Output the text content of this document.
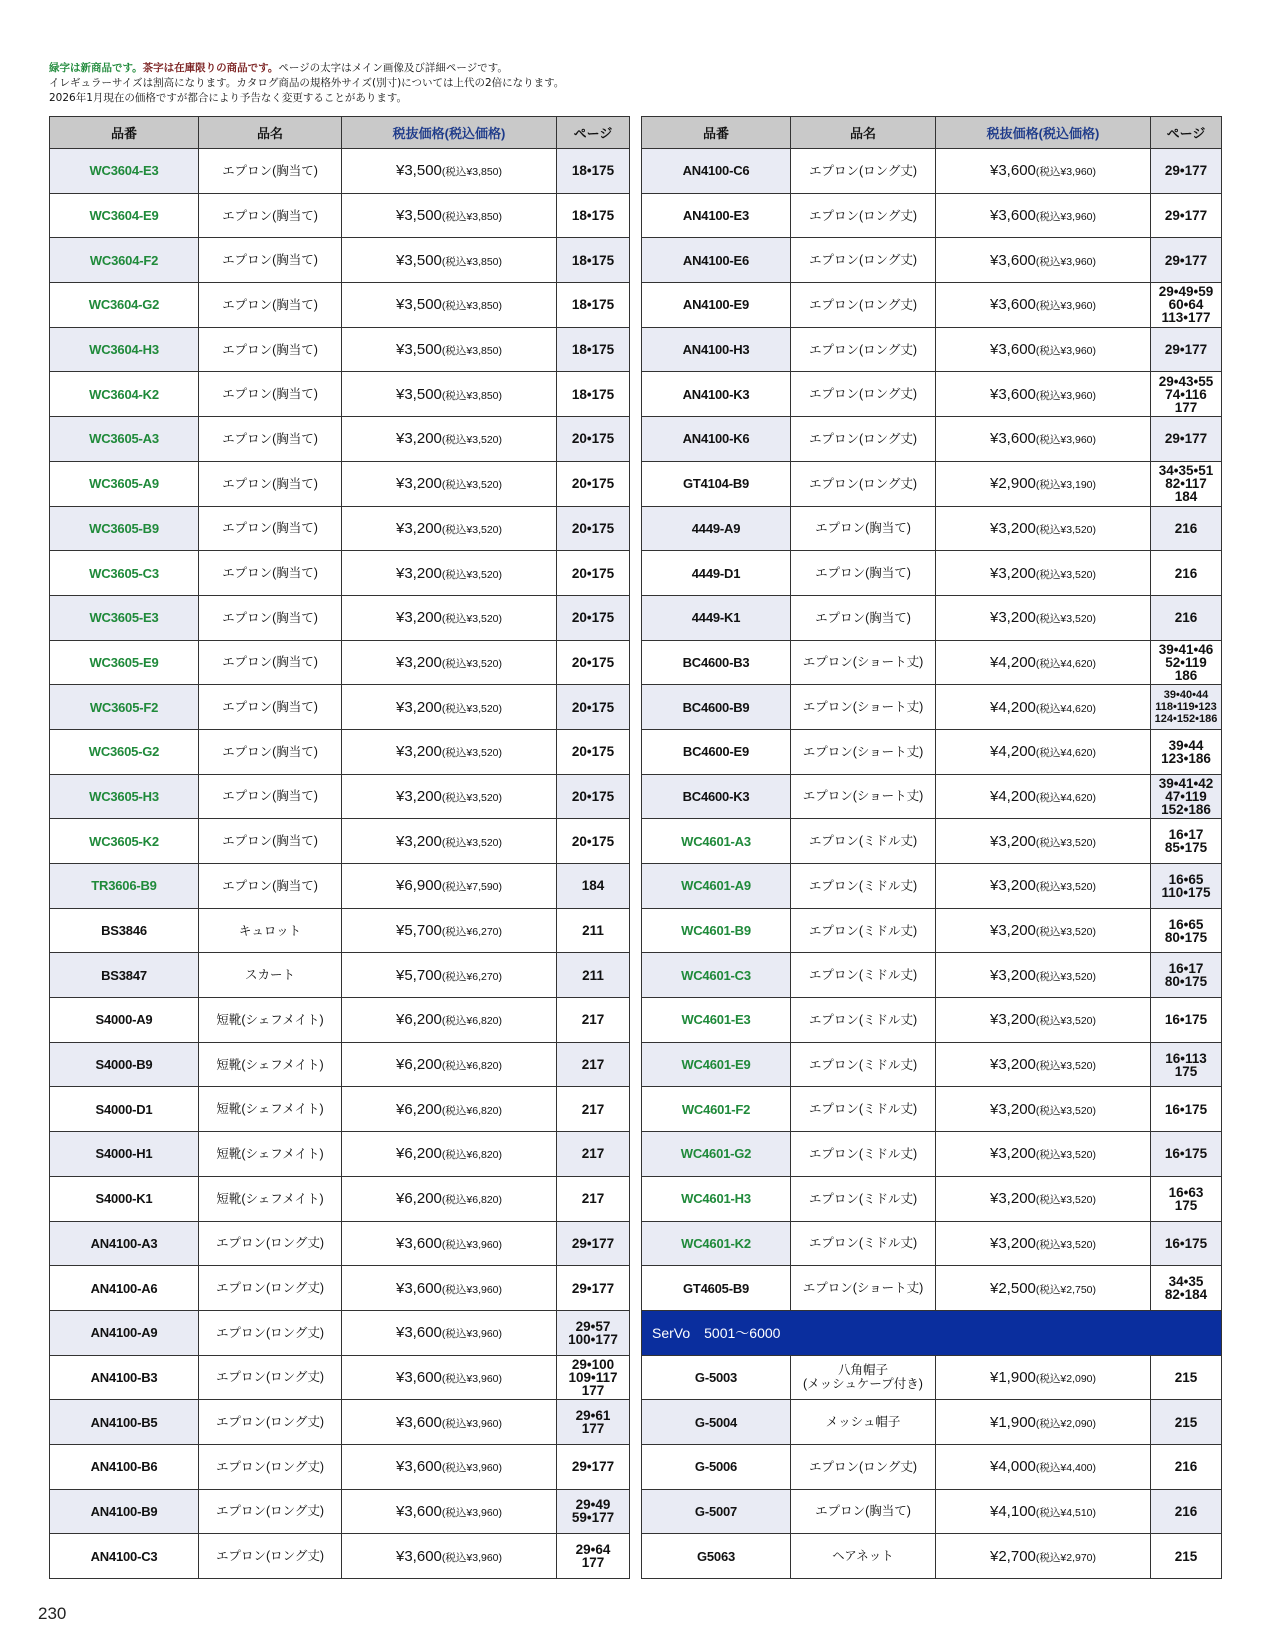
緑字は新商品です。茶字は在庫限りの商品です。ページの太字はメイン画像及び詳細ページです。
イレギュラーサイズは割高になります。カタログ商品の規格外サイズ(別寸)については上代の2倍になります。
2026年1月現在の価格ですが都合により予告なく変更することがあります。
品番	品名	税抜価格(税込価格)	ページ
WC3604-E3	エプロン(胸当て)	¥3,500(税込¥3,850)	18•175

WC3604-E9	エプロン(胸当て)	¥3,500(税込¥3,850)	18•175

WC3604-F2	エプロン(胸当て)	¥3,500(税込¥3,850)	18•175

WC3604-G2	エプロン(胸当て)	¥3,500(税込¥3,850)	18•175

WC3604-H3	エプロン(胸当て)	¥3,500(税込¥3,850)	18•175

WC3604-K2	エプロン(胸当て)	¥3,500(税込¥3,850)	18•175

WC3605-A3	エプロン(胸当て)	¥3,200(税込¥3,520)	20•175

WC3605-A9	エプロン(胸当て)	¥3,200(税込¥3,520)	20•175

WC3605-B9	エプロン(胸当て)	¥3,200(税込¥3,520)	20•175

WC3605-C3	エプロン(胸当て)	¥3,200(税込¥3,520)	20•175

WC3605-E3	エプロン(胸当て)	¥3,200(税込¥3,520)	20•175

WC3605-E9	エプロン(胸当て)	¥3,200(税込¥3,520)	20•175

WC3605-F2	エプロン(胸当て)	¥3,200(税込¥3,520)	20•175

WC3605-G2	エプロン(胸当て)	¥3,200(税込¥3,520)	20•175

WC3605-H3	エプロン(胸当て)	¥3,200(税込¥3,520)	20•175

WC3605-K2	エプロン(胸当て)	¥3,200(税込¥3,520)	20•175

TR3606-B9	エプロン(胸当て)	¥6,900(税込¥7,590)	184

BS3846	キュロット	¥5,700(税込¥6,270)	211

BS3847	スカート	¥5,700(税込¥6,270)	211

S4000-A9	短靴(シェフメイト)	¥6,200(税込¥6,820)	217

S4000-B9	短靴(シェフメイト)	¥6,200(税込¥6,820)	217

S4000-D1	短靴(シェフメイト)	¥6,200(税込¥6,820)	217

S4000-H1	短靴(シェフメイト)	¥6,200(税込¥6,820)	217

S4000-K1	短靴(シェフメイト)	¥6,200(税込¥6,820)	217

AN4100-A3	エプロン(ロング丈)	¥3,600(税込¥3,960)	29•177

AN4100-A6	エプロン(ロング丈)	¥3,600(税込¥3,960)	29•177

AN4100-A9	エプロン(ロング丈)	¥3,600(税込¥3,960)	29•57
100•177

AN4100-B3	エプロン(ロング丈)	¥3,600(税込¥3,960)	29•100
109•117
177

AN4100-B5	エプロン(ロング丈)	¥3,600(税込¥3,960)	29•61
177

AN4100-B6	エプロン(ロング丈)	¥3,600(税込¥3,960)	29•177

AN4100-B9	エプロン(ロング丈)	¥3,600(税込¥3,960)	29•49
59•177

AN4100-C3	エプロン(ロング丈)	¥3,600(税込¥3,960)	29•64
177
品番	品名	税抜価格(税込価格)	ページ
AN4100-C6	エプロン(ロング丈)	¥3,600(税込¥3,960)	29•177

AN4100-E3	エプロン(ロング丈)	¥3,600(税込¥3,960)	29•177

AN4100-E6	エプロン(ロング丈)	¥3,600(税込¥3,960)	29•177

AN4100-E9	エプロン(ロング丈)	¥3,600(税込¥3,960)	29•49•59
60•64
113•177

AN4100-H3	エプロン(ロング丈)	¥3,600(税込¥3,960)	29•177

AN4100-K3	エプロン(ロング丈)	¥3,600(税込¥3,960)	29•43•55
74•116
177

AN4100-K6	エプロン(ロング丈)	¥3,600(税込¥3,960)	29•177

GT4104-B9	エプロン(ロング丈)	¥2,900(税込¥3,190)	34•35•51
82•117
184

4449-A9	エプロン(胸当て)	¥3,200(税込¥3,520)	216

4449-D1	エプロン(胸当て)	¥3,200(税込¥3,520)	216

4449-K1	エプロン(胸当て)	¥3,200(税込¥3,520)	216

BC4600-B3	エプロン(ショート丈)	¥4,200(税込¥4,620)	39•41•46
52•119
186

BC4600-B9	エプロン(ショート丈)	¥4,200(税込¥4,620)	39•40•44
118•119•123
124•152•186

BC4600-E9	エプロン(ショート丈)	¥4,200(税込¥4,620)	39•44
123•186

BC4600-K3	エプロン(ショート丈)	¥4,200(税込¥4,620)	39•41•42
47•119
152•186

WC4601-A3	エプロン(ミドル丈)	¥3,200(税込¥3,520)	16•17
85•175

WC4601-A9	エプロン(ミドル丈)	¥3,200(税込¥3,520)	16•65
110•175

WC4601-B9	エプロン(ミドル丈)	¥3,200(税込¥3,520)	16•65
80•175

WC4601-C3	エプロン(ミドル丈)	¥3,200(税込¥3,520)	16•17
80•175

WC4601-E3	エプロン(ミドル丈)	¥3,200(税込¥3,520)	16•175

WC4601-E9	エプロン(ミドル丈)	¥3,200(税込¥3,520)	16•113
175

WC4601-F2	エプロン(ミドル丈)	¥3,200(税込¥3,520)	16•175

WC4601-G2	エプロン(ミドル丈)	¥3,200(税込¥3,520)	16•175

WC4601-H3	エプロン(ミドル丈)	¥3,200(税込¥3,520)	16•63
175

WC4601-K2	エプロン(ミドル丈)	¥3,200(税込¥3,520)	16•175

GT4605-B9	エプロン(ショート丈)	¥2,500(税込¥2,750)	34•35
82•184

SerVo　5001〜6000			
G-5003	八角帽子
(メッシュケープ付き)	¥1,900(税込¥2,090)	215

G-5004	メッシュ帽子	¥1,900(税込¥2,090)	215

G-5006	エプロン(ロング丈)	¥4,000(税込¥4,400)	216

G-5007	エプロン(胸当て)	¥4,100(税込¥4,510)	216

G5063	ヘアネット	¥2,700(税込¥2,970)	215
230
